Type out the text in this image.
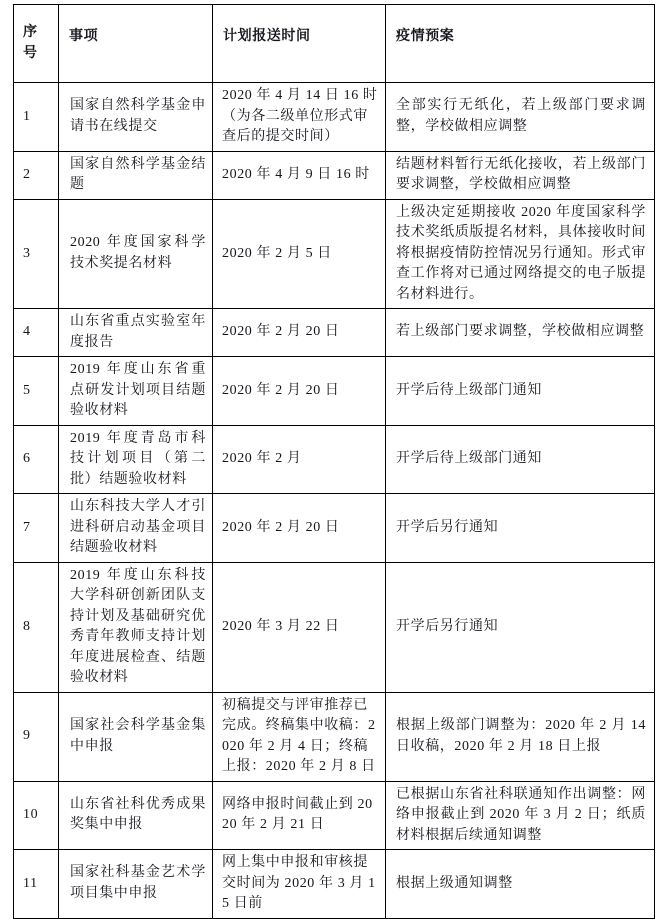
序号	事项	计划报送时间	疫情预案
1	国家自然科学基金申请书在线提交	2020 年 4 月 14 日 16 时（为各二级单位形式审查后的提交时间）	全部实行无纸化，若上级部门要求调整，学校做相应调整
2	国家自然科学基金结题	2020 年 4 月 9 日 16 时	结题材料暂行无纸化接收，若上级部门要求调整，学校做相应调整
3	2020 年度国家科学技术奖提名材料	2020 年 2 月 5 日	上级决定延期接收 2020 年度国家科学技术奖纸质版提名材料，具体接收时间将根据疫情防控情况另行通知。形式审查工作将对已通过网络提交的电子版提名材料进行。
4	山东省重点实验室年度报告	2020 年 2 月 20 日	若上级部门要求调整，学校做相应调整
5	2019 年度山东省重点研发计划项目结题验收材料	2020 年 2 月 20 日	开学后待上级部门通知
6	2019 年度青岛市科技计划项目（第二批）结题验收材料	2020 年 2 月	开学后待上级部门通知
7	山东科技大学人才引进科研启动基金项目结题验收材料	2020 年 2 月 20 日	开学后另行通知
8	2019 年度山东科技大学科研创新团队支持计划及基础研究优秀青年教师支持计划年度进展检查、结题验收材料	2020 年 3 月 22 日	开学后另行通知
9	国家社会科学基金集中申报	初稿提交与评审推荐已完成。终稿集中收稿：2020 年 2 月 4 日；终稿上报：2020 年 2 月 8 日	根据上级部门调整为：2020 年 2 月 14 日收稿，2020 年 2 月 18 日上报
10	山东省社科优秀成果奖集中申报	网络申报时间截止到 2020 年 2 月 21 日	已根据山东省社科联通知作出调整：网络申报截止到 2020 年 3 月 2 日；纸质材料根据后续通知调整
11	国家社科基金艺术学项目集中申报	网上集中申报和审核提交时间为 2020 年 3 月 15 日前	根据上级通知调整
